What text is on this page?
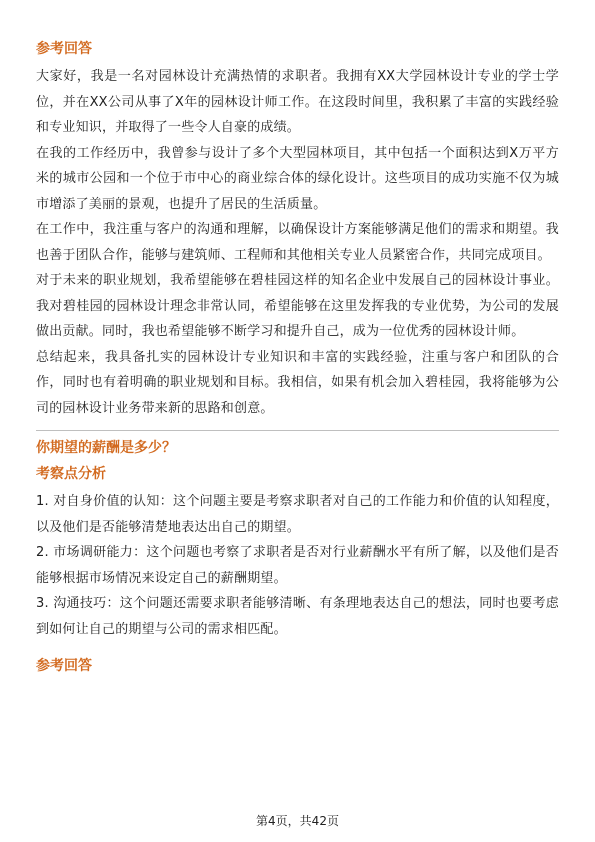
参考回答

大家好，我是一名对园林设计充满热情的求职者。我拥有XX大学园林设计专业的学士学位，并在XX公司从事了X年的园林设计师工作。在这段时间里，我积累了丰富的实践经验和专业知识，并取得了一些令人自豪的成绩。

在我的工作经历中，我曾参与设计了多个大型园林项目，其中包括一个面积达到X万平方米的城市公园和一个位于市中心的商业综合体的绿化设计。这些项目的成功实施不仅为城市增添了美丽的景观，也提升了居民的生活质量。

在工作中，我注重与客户的沟通和理解，以确保设计方案能够满足他们的需求和期望。我也善于团队合作，能够与建筑师、工程师和其他相关专业人员紧密合作，共同完成项目。

对于未来的职业规划，我希望能够在碧桂园这样的知名企业中发展自己的园林设计事业。我对碧桂园的园林设计理念非常认同，希望能够在这里发挥我的专业优势，为公司的发展做出贡献。同时，我也希望能够不断学习和提升自己，成为一位优秀的园林设计师。

总结起来，我具备扎实的园林设计专业知识和丰富的实践经验，注重与客户和团队的合作，同时也有着明确的职业规划和目标。我相信，如果有机会加入碧桂园，我将能够为公司的园林设计业务带来新的思路和创意。

你期望的薪酬是多少？

考察点分析

1. 对自身价值的认知：这个问题主要是考察求职者对自己的工作能力和价值的认知程度，以及他们是否能够清楚地表达出自己的期望。

2. 市场调研能力：这个问题也考察了求职者是否对行业薪酬水平有所了解，以及他们是否能够根据市场情况来设定自己的薪酬期望。

3. 沟通技巧：这个问题还需要求职者能够清晰、有条理地表达自己的想法，同时也要考虑到如何让自己的期望与公司的需求相匹配。

参考回答

第4页，共42页
